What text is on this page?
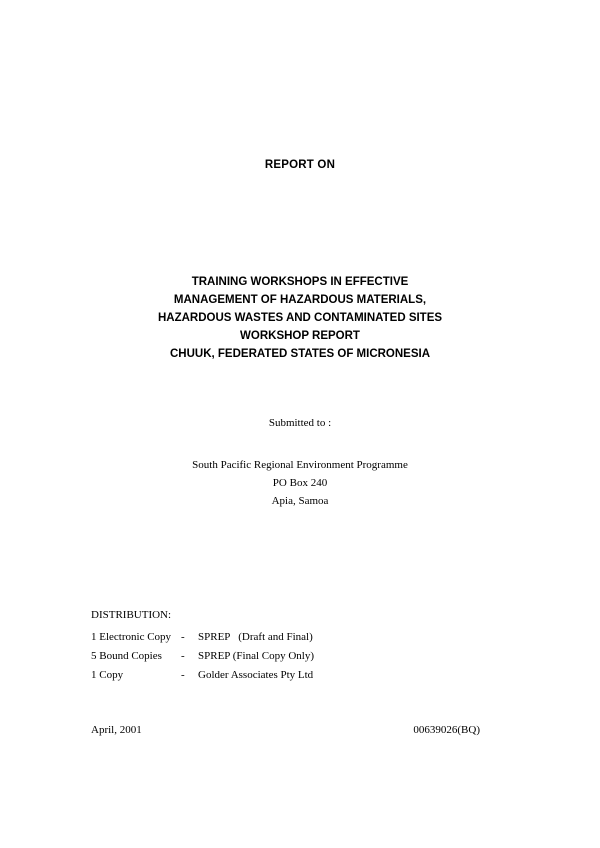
REPORT ON
TRAINING WORKSHOPS IN EFFECTIVE
MANAGEMENT OF HAZARDOUS MATERIALS,
HAZARDOUS WASTES AND CONTAMINATED SITES
WORKSHOP REPORT
CHUUK, FEDERATED STATES OF MICRONESIA
Submitted to :
South Pacific Regional Environment Programme
PO Box 240
Apia, Samoa
DISTRIBUTION:
1 Electronic Copy - SPREP   (Draft and Final)
5 Bound Copies - SPREP (Final Copy Only)
1 Copy	- Golder Associates Pty Ltd
April, 2001	00639026(BQ)
